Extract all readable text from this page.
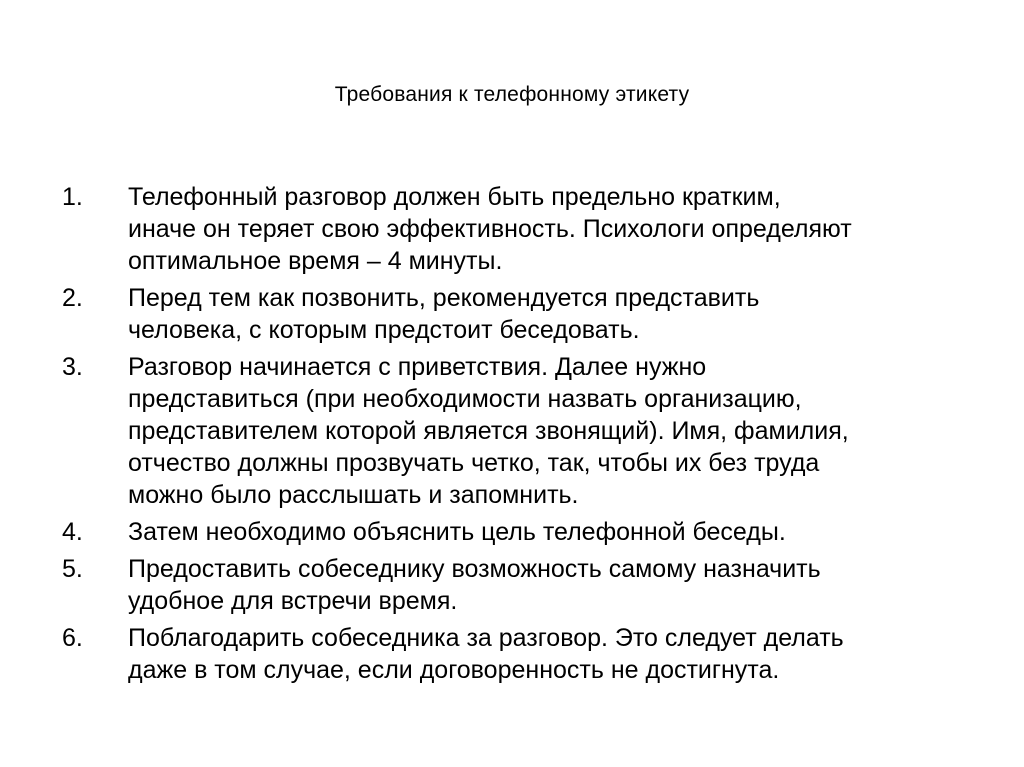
Требования к телефонному этикету
1. Телефонный разговор должен быть предельно кратким,
иначе он теряет свою эффективность. Психологи определяют
оптимальное время – 4 минуты.
2. Перед тем как позвонить, рекомендуется представить
человека, с которым предстоит беседовать.
3. Разговор начинается с приветствия. Далее нужно
представиться (при необходимости назвать организацию,
представителем которой является звонящий). Имя, фамилия,
отчество должны прозвучать четко, так, чтобы их без труда
можно было расслышать и запомнить.
4. Затем необходимо объяснить цель телефонной беседы.
5. Предоставить собеседнику возможность самому назначить
удобное для встречи время.
6. Поблагодарить собеседника за разговор. Это следует делать
даже в том случае, если договоренность не достигнута.
